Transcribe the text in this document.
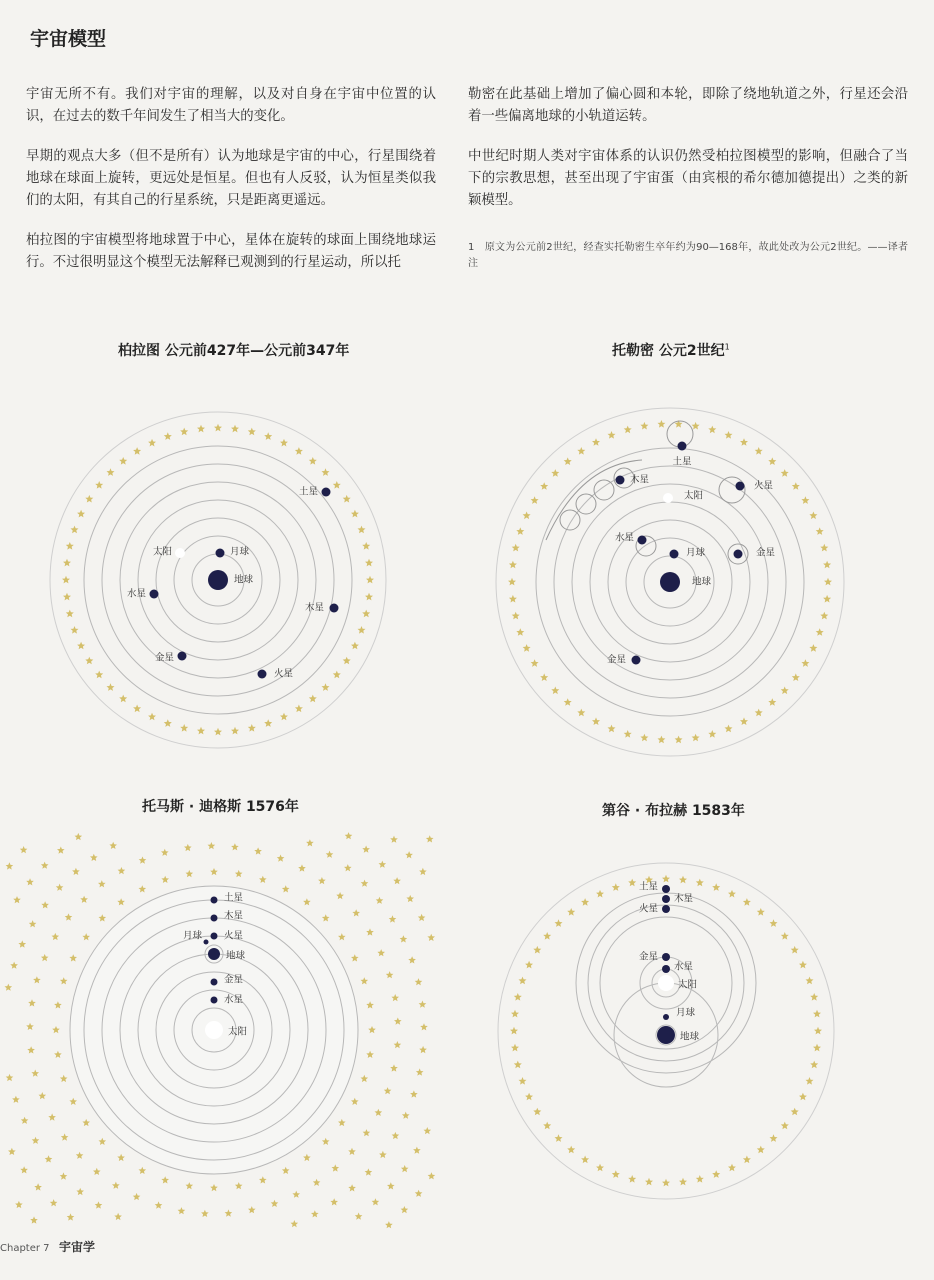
宇宙模型

宇宙无所不有。我们对宇宙的理解，以及对自身在宇宙中位置的认识，在过去的数千年间发生了相当大的变化。

早期的观点大多（但不是所有）认为地球是宇宙的中心，行星围绕着地球在球面上旋转，更远处是恒星。但也有人反驳，认为恒星类似我们的太阳，有其自己的行星系统，只是距离更遥远。

柏拉图的宇宙模型将地球置于中心，星体在旋转的球面上围绕地球运行。不过很明显这个模型无法解释已观测到的行星运动，所以托

勒密在此基础上增加了偏心圆和本轮，即除了绕地轨道之外，行星还会沿着一些偏离地球的小轨道运转。

中世纪时期人类对宇宙体系的认识仍然受柏拉图模型的影响，但融合了当下的宗教思想，甚至出现了宇宙蛋（由宾根的希尔德加德提出）之类的新颖模型。

1　原文为公元前2世纪，经查实托勒密生卒年约为90—168年，故此处改为公元2世纪。——译者注

柏拉图 公元前427年—公元前347年
地球
月球
太阳
水星
金星
火星
木星
土星
托勒密 公元2世纪$^1$
地球
月球
太阳
水星
金星
火星
木星
土星
金星
托马斯 · 迪格斯 1576年
太阳
地球
月球
水星
金星
火星
木星
土星
第谷 · 布拉赫 1583年
太阳
地球
月球
水星
金星
火星
木星
土星
Chapter 7 宇宙学
